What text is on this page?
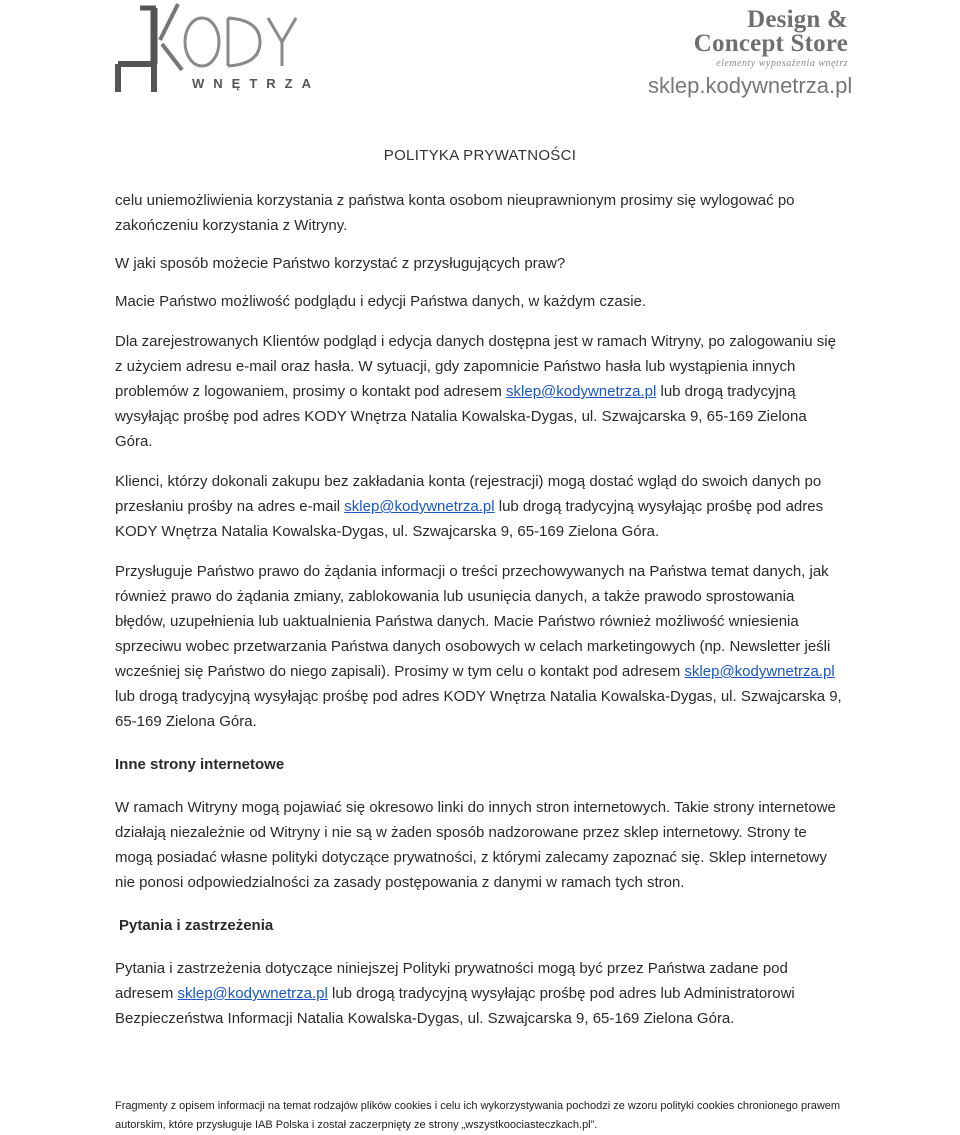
WNĘTRZA
Design &
Concept Store
elementy wyposażenia wnętrz
sklep.kodywnetrza.pl
POLITYKA PRYWATNOŚCI

celu uniemożliwienia korzystania z państwa konta osobom nieuprawnionym prosimy się wylogować po zakończeniu korzystania z Witryny.

W jaki sposób możecie Państwo korzystać z przysługujących praw?

Macie Państwo możliwość podglądu i edycji Państwa danych, w każdym czasie.

Dla zarejestrowanych Klientów podgląd i edycja danych dostępna jest w ramach Witryny, po zalogowaniu się z użyciem adresu e-mail oraz hasła. W sytuacji, gdy zapomnicie Państwo hasła lub wystąpienia innych problemów z logowaniem, prosimy o kontakt pod adresem sklep@kodywnetrza.pl lub drogą tradycyjną wysyłając prośbę pod adres KODY Wnętrza Natalia Kowalska-Dygas, ul. Szwajcarska 9, 65-169 Zielona Góra.

Klienci, którzy dokonali zakupu bez zakładania konta (rejestracji) mogą dostać wgląd do swoich danych po przesłaniu prośby na adres e-mail sklep@kodywnetrza.pl lub drogą tradycyjną wysyłając prośbę pod adres KODY Wnętrza Natalia Kowalska-Dygas, ul. Szwajcarska 9, 65-169 Zielona Góra.

Przysługuje Państwo prawo do żądania informacji o treści przechowywanych na Państwa temat danych, jak również prawo do żądania zmiany, zablokowania lub usunięcia danych, a także prawodo sprostowania błędów, uzupełnienia lub uaktualnienia Państwa danych. Macie Państwo również możliwość wniesienia sprzeciwu wobec przetwarzania Państwa danych osobowych w celach marketingowych (np. Newsletter jeśli wcześniej się Państwo do niego zapisali). Prosimy w tym celu o kontakt pod adresem sklep@kodywnetrza.pl lub drogą tradycyjną wysyłając prośbę pod adres KODY Wnętrza Natalia Kowalska-Dygas, ul. Szwajcarska 9, 65-169 Zielona Góra.

Inne strony internetowe

W ramach Witryny mogą pojawiać się okresowo linki do innych stron internetowych. Takie strony internetowe działają niezależnie od Witryny i nie są w żaden sposób nadzorowane przez sklep internetowy. Strony te mogą posiadać własne polityki dotyczące prywatności, z którymi zalecamy zapoznać się. Sklep internetowy nie ponosi odpowiedzialności za zasady postępowania z danymi w ramach tych stron.

Pytania i zastrzeżenia

Pytania i zastrzeżenia dotyczące niniejszej Polityki prywatności mogą być przez Państwa zadane pod adresem sklep@kodywnetrza.pl lub drogą tradycyjną wysyłając prośbę pod adres lub Administratorowi Bezpieczeństwa Informacji Natalia Kowalska-Dygas, ul. Szwajcarska 9, 65-169 Zielona Góra.

Fragmenty z opisem informacji na temat rodzajów plików cookies i celu ich wykorzystywania pochodzi ze wzoru polityki cookies chronionego prawem autorskim, które przysługuje IAB Polska i został zaczerpnięty ze strony „wszystkoociasteczkach.pl”.
